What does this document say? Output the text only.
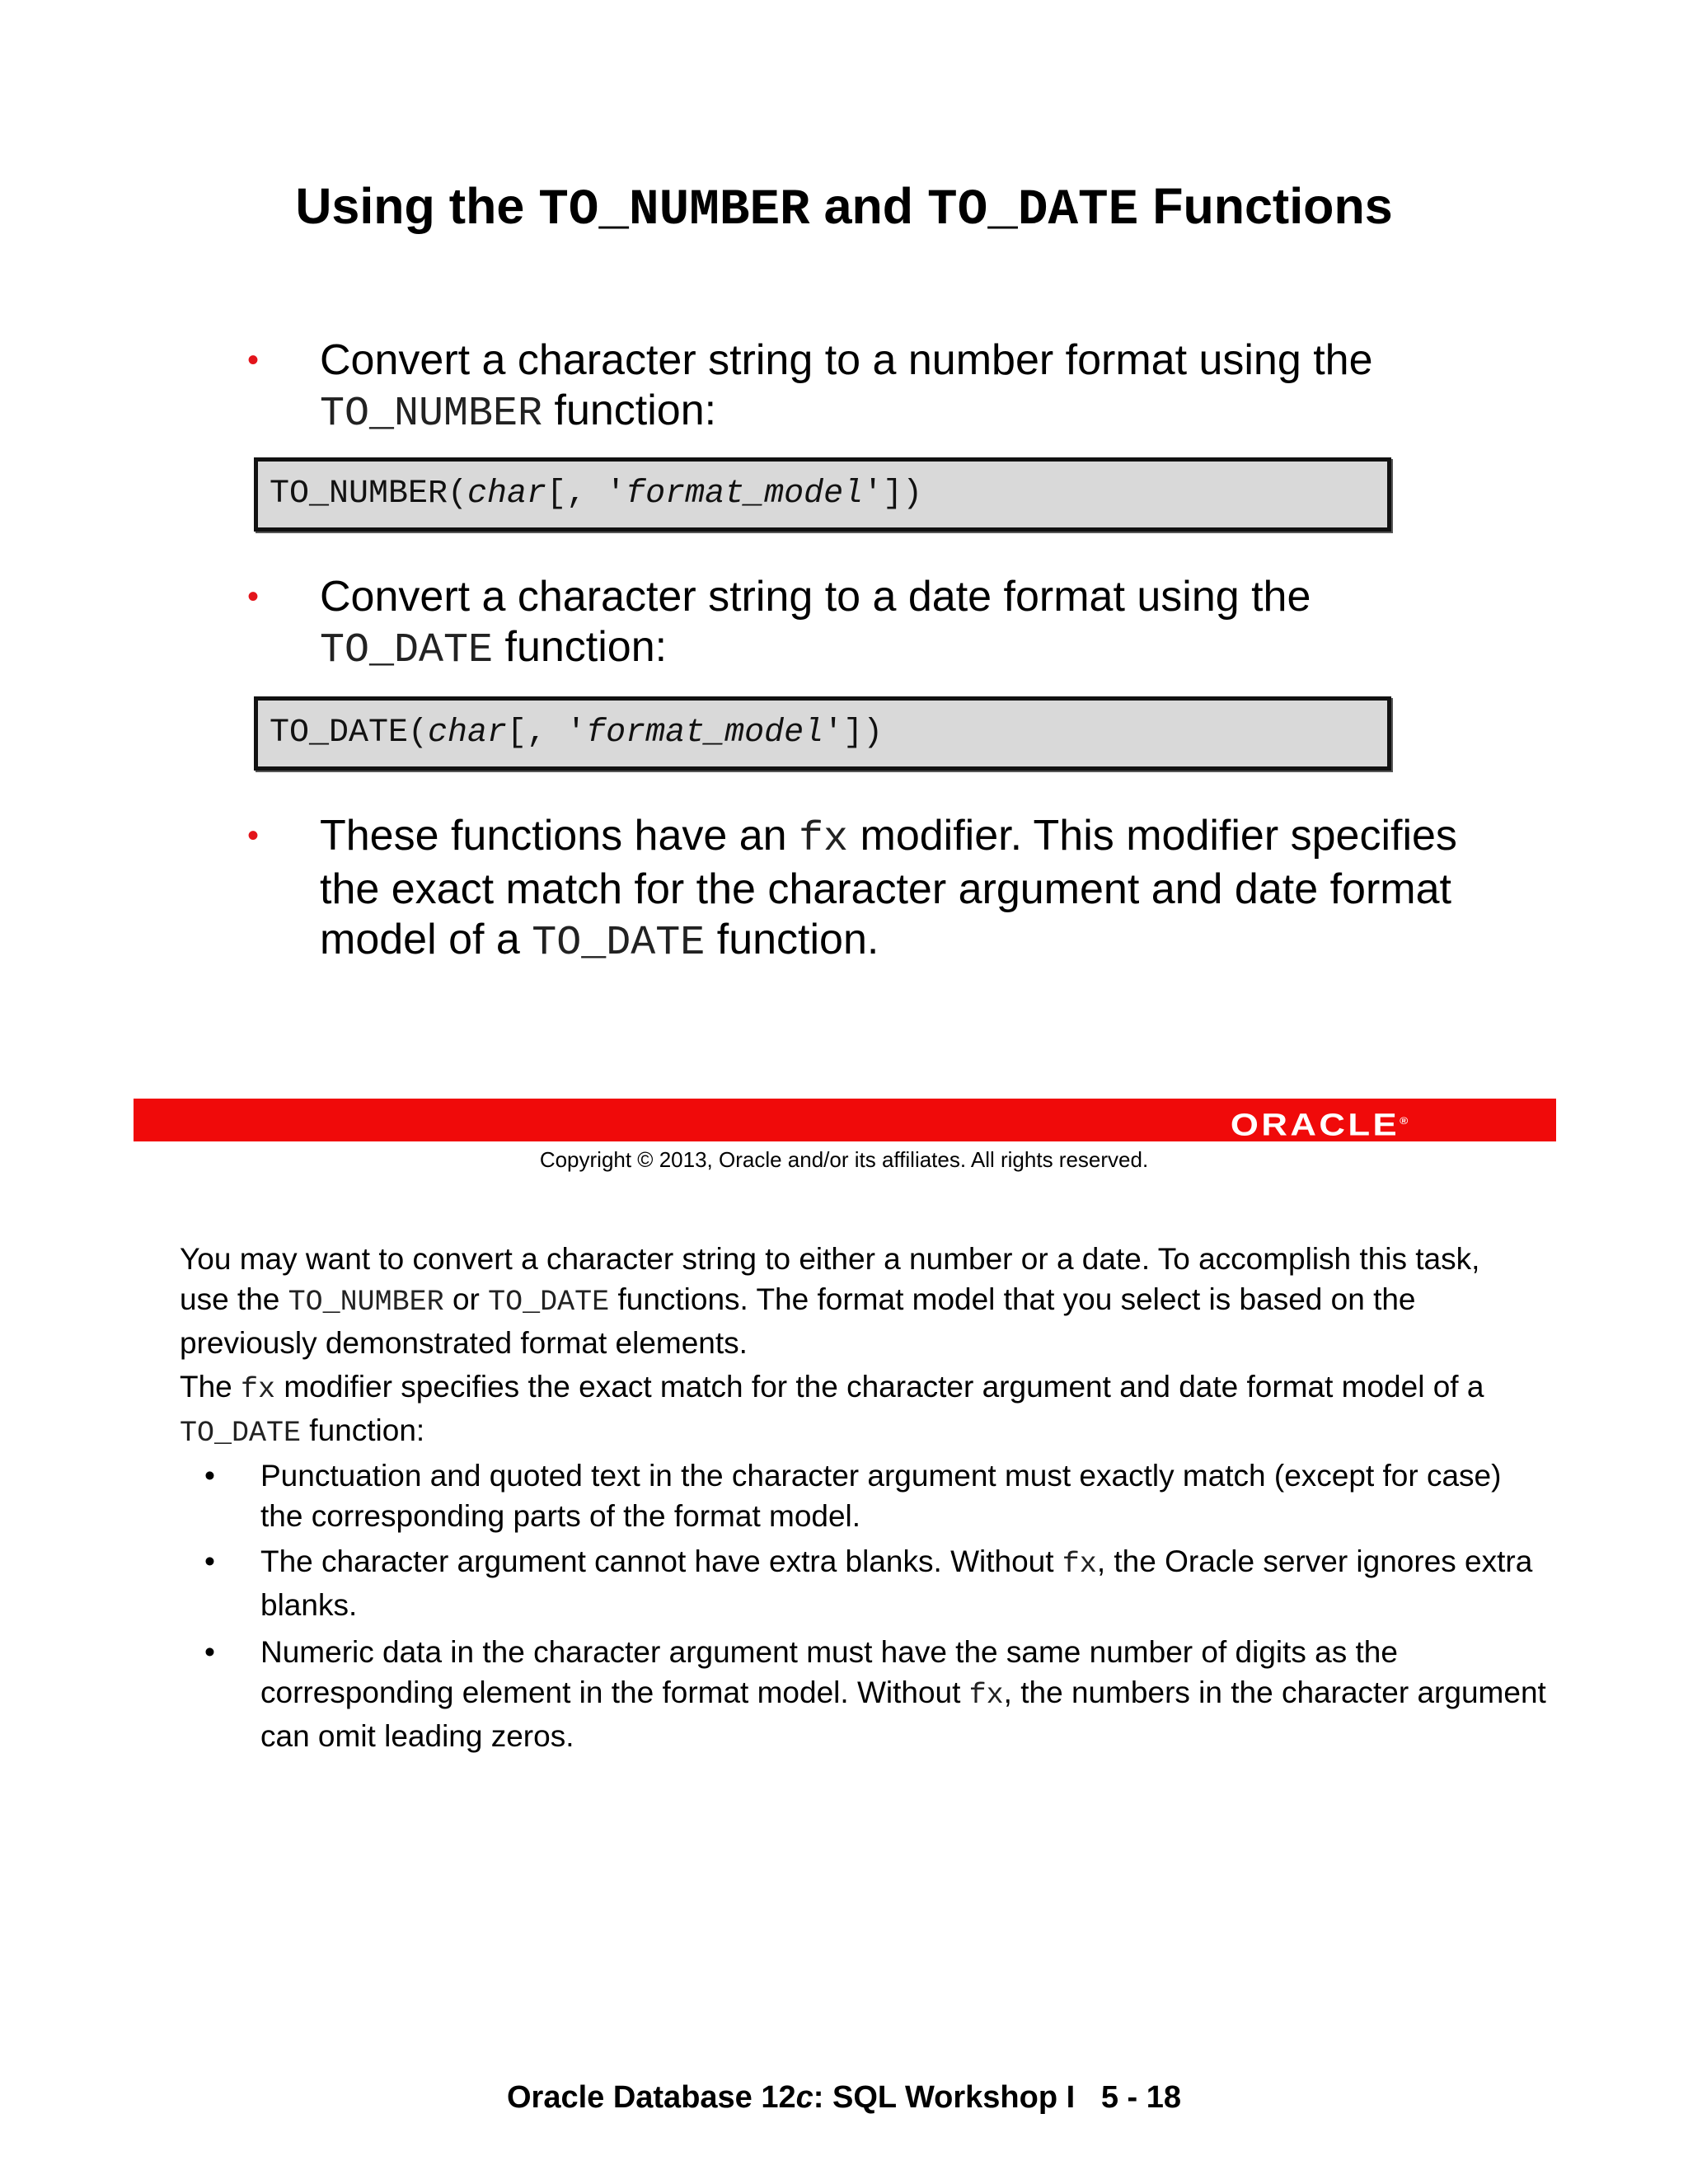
Using the TO_NUMBER and TO_DATE Functions
• Convert a character string to a number format using the
TO_NUMBER function:
TO_NUMBER(char[, 'format_model'])
• Convert a character string to a date format using the
TO_DATE function:
TO_DATE(char[, 'format_model'])
• These functions have an fx modifier. This modifier specifies the exact match for the character argument and date format model of a TO_DATE function.
ORACLE®
Copyright © 2013, Oracle and/or its affiliates. All rights reserved.
You may want to convert a character string to either a number or a date. To accomplish this task, use the TO_NUMBER or TO_DATE functions. The format model that you select is based on the previously demonstrated format elements.
The fx modifier specifies the exact match for the character argument and date format model of a TO_DATE function:
• Punctuation and quoted text in the character argument must exactly match (except for case) the corresponding parts of the format model.
• The character argument cannot have extra blanks. Without fx, the Oracle server ignores extra blanks.
• Numeric data in the character argument must have the same number of digits as the corresponding element in the format model. Without fx, the numbers in the character argument can omit leading zeros.
Oracle Database 12c: SQL Workshop I   5 - 18
